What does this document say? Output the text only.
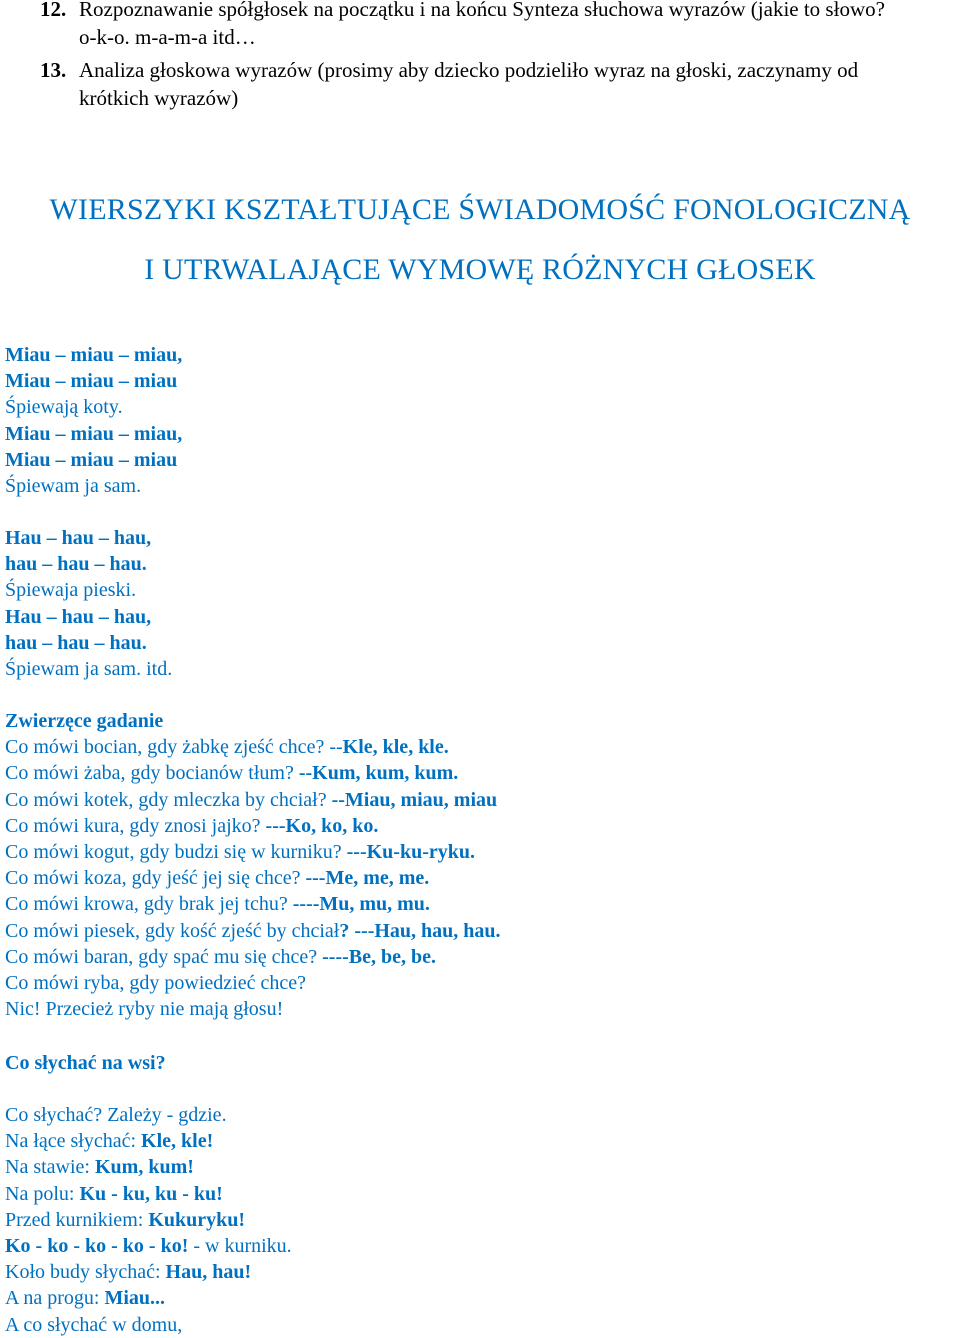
12. Rozpoznawanie spółgłosek na początku i na końcu Synteza słuchowa wyrazów (jakie to słowo?
o-k-o. m-a-m-a itd…
13. Analiza głoskowa wyrazów (prosimy aby dziecko podzieliło wyraz na głoski, zaczynamy od
krótkich wyrazów)
WIERSZYKI KSZTAŁTUJĄCE ŚWIADOMOŚĆ FONOLOGICZNĄ
I UTRWALAJĄCE WYMOWĘ RÓŻNYCH GŁOSEK
Miau – miau – miau,
Miau – miau – miau
Śpiewają koty.
Miau – miau – miau,
Miau – miau – miau
Śpiewam ja sam.
Hau – hau – hau,
hau – hau – hau.
Śpiewaja pieski.
Hau – hau – hau,
hau – hau – hau.
Śpiewam ja sam. itd.
Zwierzęce gadanie
Co mówi bocian, gdy żabkę zjeść chce? --Kle, kle, kle.
Co mówi żaba, gdy bocianów tłum? --Kum, kum, kum.
Co mówi kotek, gdy mleczka by chciał? --Miau, miau, miau
Co mówi kura, gdy znosi jajko? ---Ko, ko, ko.
Co mówi kogut, gdy budzi się w kurniku? ---Ku-ku-ryku.
Co mówi koza, gdy jeść jej się chce? ---Me, me, me.
Co mówi krowa, gdy brak jej tchu? ----Mu, mu, mu.
Co mówi piesek, gdy kość zjeść by chciał? ---Hau, hau, hau.
Co mówi baran, gdy spać mu się chce? ----Be, be, be.
Co mówi ryba, gdy powiedzieć chce?
Nic! Przecież ryby nie mają głosu!
Co słychać na wsi?
Co słychać? Zależy - gdzie.
Na łące słychać: Kle, kle!
Na stawie: Kum, kum!
Na polu: Ku - ku, ku - ku!
Przed kurnikiem: Kukuryku!
Ko - ko - ko - ko - ko! - w kurniku.
Koło budy słychać: Hau, hau!
A na progu: Miau...
A co słychać w domu,
